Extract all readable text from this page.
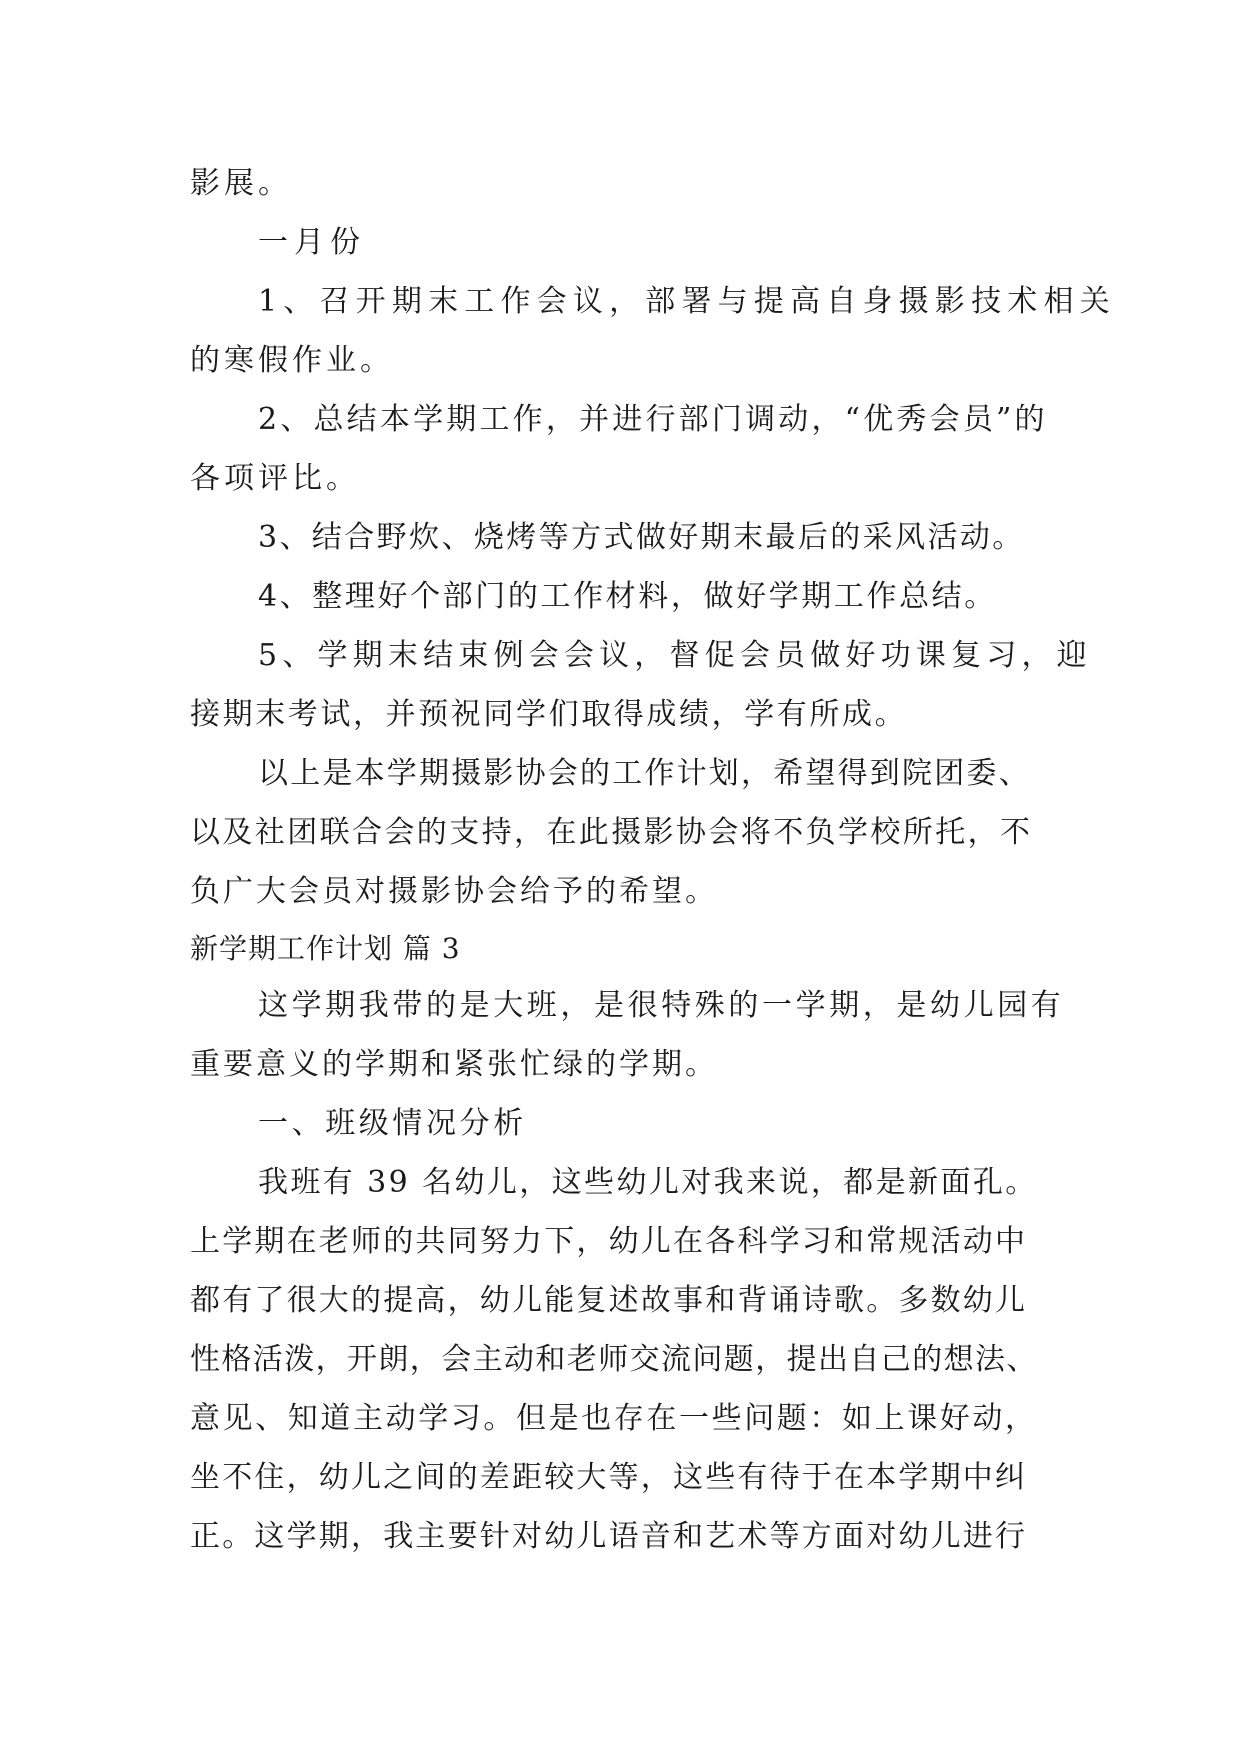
影展。
一月份
1、召开期末工作会议，部署与提高自身摄影技术相关
的寒假作业。
2、总结本学期工作，并进行部门调动，“优秀会员”的
各项评比。
3、结合野炊、烧烤等方式做好期末最后的采风活动。
4、整理好个部门的工作材料，做好学期工作总结。
5、学期末结束例会会议，督促会员做好功课复习，迎
接期末考试，并预祝同学们取得成绩，学有所成。
以上是本学期摄影协会的工作计划，希望得到院团委、
以及社团联合会的支持，在此摄影协会将不负学校所托，不
负广大会员对摄影协会给予的希望。
新学期工作计划 篇 3
这学期我带的是大班，是很特殊的一学期，是幼儿园有
重要意义的学期和紧张忙绿的学期。
一、班级情况分析
我班有 39 名幼儿，这些幼儿对我来说，都是新面孔。
上学期在老师的共同努力下，幼儿在各科学习和常规活动中
都有了很大的提高，幼儿能复述故事和背诵诗歌。多数幼儿
性格活泼，开朗，会主动和老师交流问题，提出自己的想法、
意见、知道主动学习。但是也存在一些问题：如上课好动，
坐不住，幼儿之间的差距较大等，这些有待于在本学期中纠
正。这学期，我主要针对幼儿语音和艺术等方面对幼儿进行
